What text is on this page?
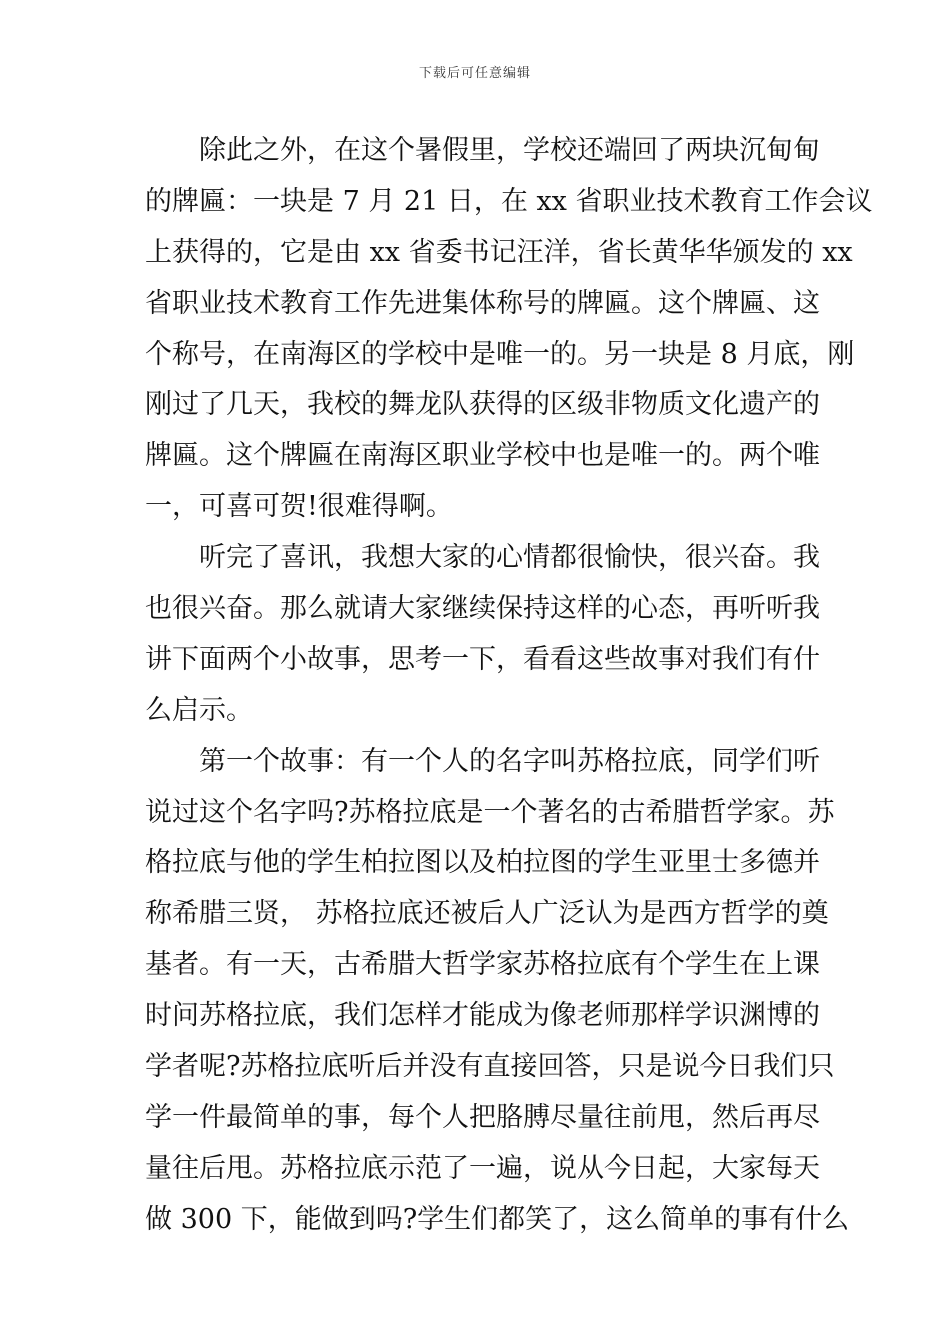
下载后可任意编辑
除此之外，在这个暑假里，学校还端回了两块沉甸甸
的牌匾：一块是 7 月 21 日，在 xx 省职业技术教育工作会议
上获得的，它是由 xx 省委书记汪洋，省长黄华华颁发的 xx
省职业技术教育工作先进集体称号的牌匾。这个牌匾、这
个称号，在南海区的学校中是唯一的。另一块是 8 月底，刚
刚过了几天，我校的舞龙队获得的区级非物质文化遗产的
牌匾。这个牌匾在南海区职业学校中也是唯一的。两个唯
一，可喜可贺!很难得啊。
听完了喜讯，我想大家的心情都很愉快，很兴奋。我
也很兴奋。那么就请大家继续保持这样的心态，再听听我
讲下面两个小故事，思考一下，看看这些故事对我们有什
么启示。
第一个故事：有一个人的名字叫苏格拉底，同学们听
说过这个名字吗?苏格拉底是一个著名的古希腊哲学家。苏
格拉底与他的学生柏拉图以及柏拉图的学生亚里士多德并
称希腊三贤， 苏格拉底还被后人广泛认为是西方哲学的奠
基者。有一天，古希腊大哲学家苏格拉底有个学生在上课
时问苏格拉底，我们怎样才能成为像老师那样学识渊博的
学者呢?苏格拉底听后并没有直接回答，只是说今日我们只
学一件最简单的事，每个人把胳膊尽量往前甩，然后再尽
量往后甩。苏格拉底示范了一遍，说从今日起，大家每天
做 300 下，能做到吗?学生们都笑了，这么简单的事有什么
